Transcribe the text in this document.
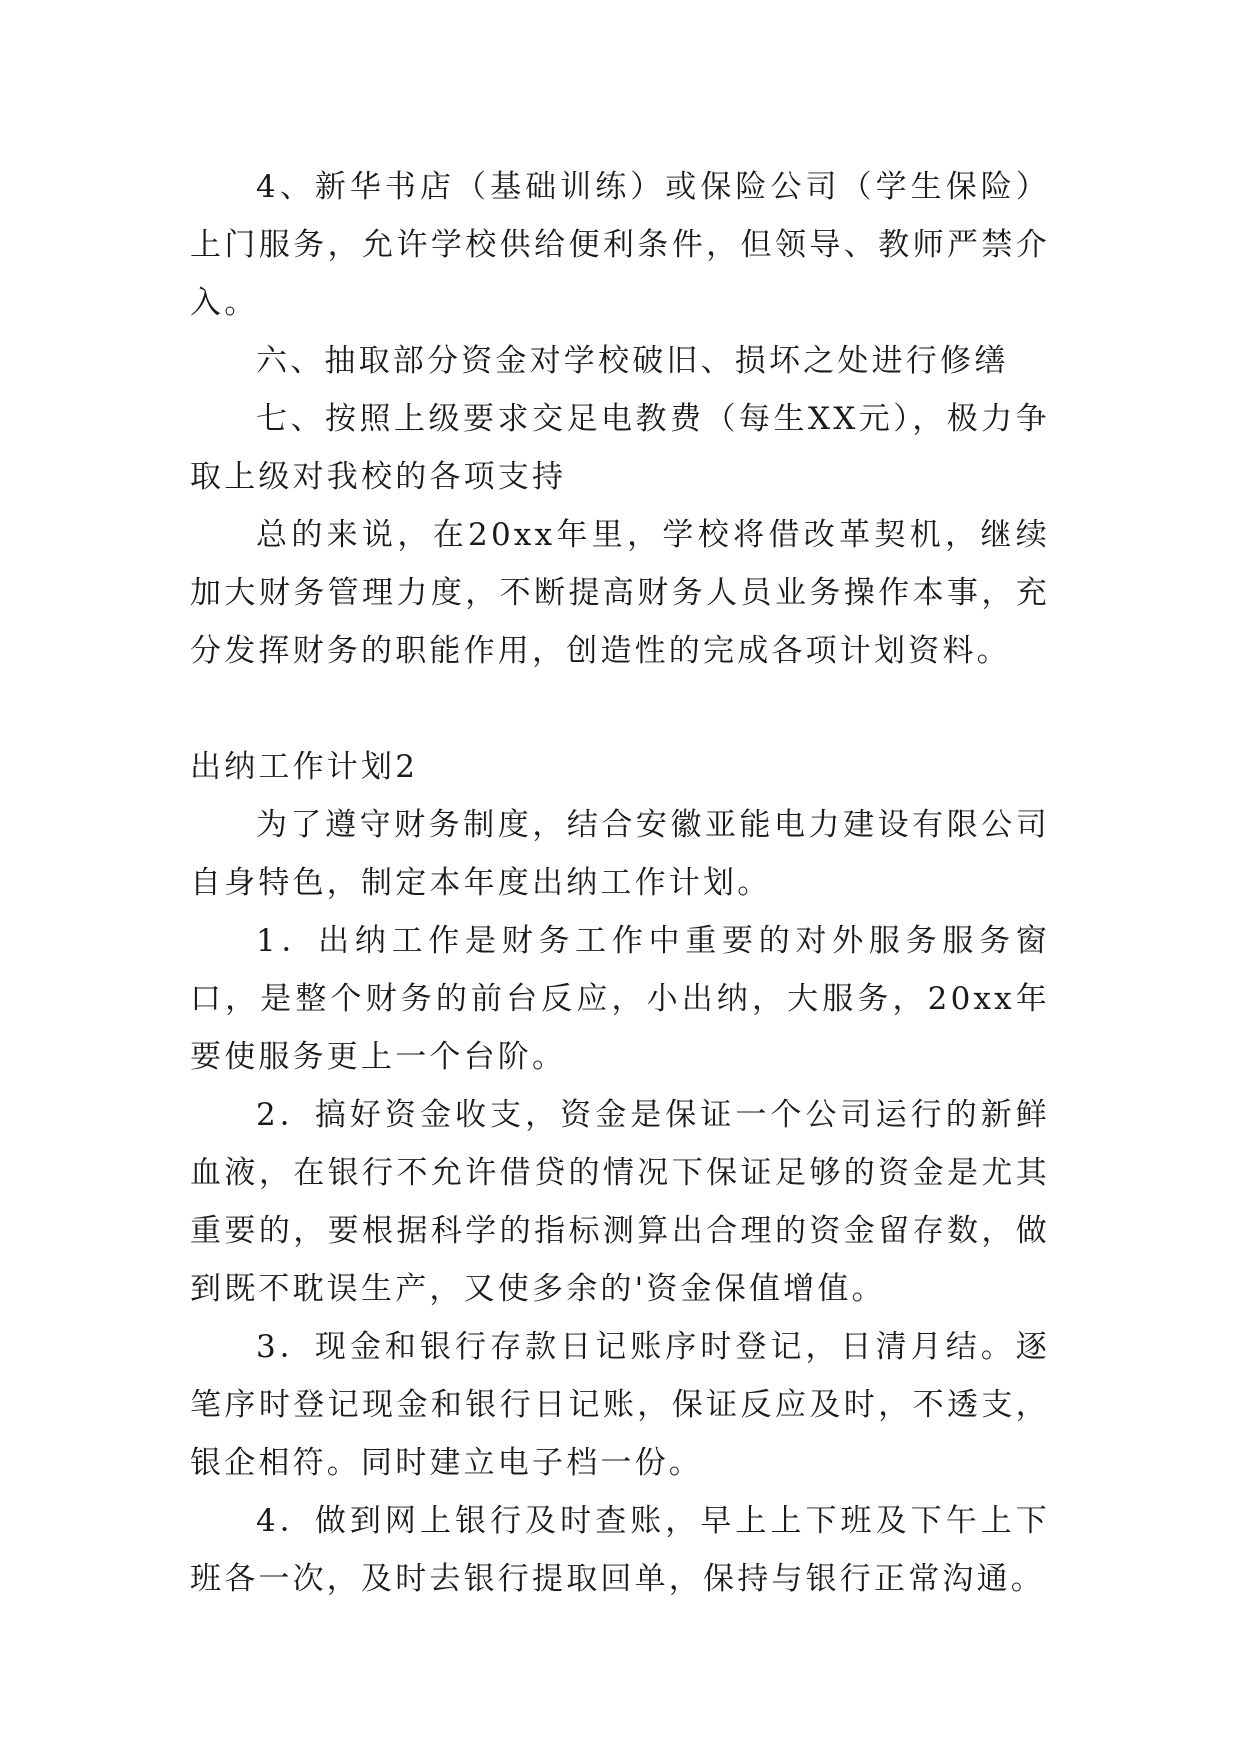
4、新华书店（基础训练）或保险公司（学生保险）上门服务，允许学校供给便利条件，但领导、教师严禁介入。

六、抽取部分资金对学校破旧、损坏之处进行修缮

七、按照上级要求交足电教费（每生XX元），极力争取上级对我校的各项支持

总的来说，在20xx年里，学校将借改革契机，继续加大财务管理力度，不断提高财务人员业务操作本事，充分发挥财务的职能作用，创造性的完成各项计划资料。

出纳工作计划2

为了遵守财务制度，结合安徽亚能电力建设有限公司自身特色，制定本年度出纳工作计划。

1．出纳工作是财务工作中重要的对外服务服务窗口，是整个财务的前台反应，小出纳，大服务，20xx年要使服务更上一个台阶。

2．搞好资金收支，资金是保证一个公司运行的新鲜血液，在银行不允许借贷的情况下保证足够的资金是尤其重要的，要根据科学的指标测算出合理的资金留存数，做到既不耽误生产，又使多余的'资金保值增值。

3．现金和银行存款日记账序时登记，日清月结。逐笔序时登记现金和银行日记账，保证反应及时，不透支，银企相符。同时建立电子档一份。

4．做到网上银行及时查账，早上上下班及下午上下班各一次，及时去银行提取回单，保持与银行正常沟通。
